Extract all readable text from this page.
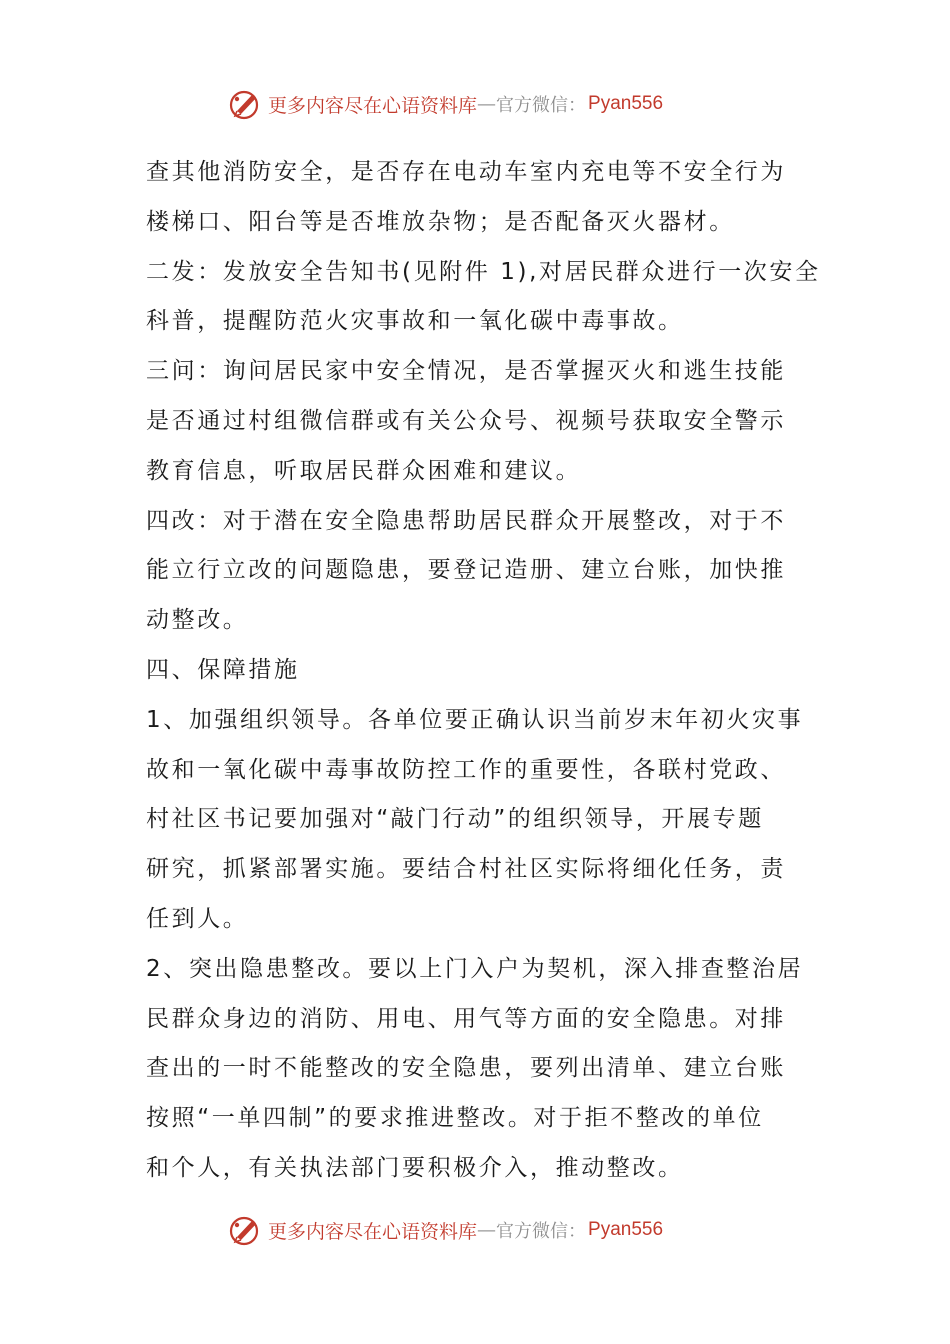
更多内容尽在心语资料库 — 官方微信： Pyan556

查其他消防安全，是否存在电动车室内充电等不安全行为

楼梯口、阳台等是否堆放杂物；是否配备灭火器材。

二发：发放安全告知书(见附件 1),对居民群众进行一次安全

科普，提醒防范火灾事故和一氧化碳中毒事故。

三问：询问居民家中安全情况，是否掌握灭火和逃生技能

是否通过村组微信群或有关公众号、视频号获取安全警示

教育信息，听取居民群众困难和建议。

四改：对于潜在安全隐患帮助居民群众开展整改，对于不

能立行立改的问题隐患，要登记造册、建立台账，加快推

动整改。

四、保障措施

1、加强组织领导。各单位要正确认识当前岁末年初火灾事

故和一氧化碳中毒事故防控工作的重要性，各联村党政、

村社区书记要加强对“敲门行动”的组织领导，开展专题

研究，抓紧部署实施。要结合村社区实际将细化任务，责

任到人。

2、突出隐患整改。要以上门入户为契机，深入排查整治居

民群众身边的消防、用电、用气等方面的安全隐患。对排

查出的一时不能整改的安全隐患，要列出清单、建立台账

按照“一单四制”的要求推进整改。对于拒不整改的单位

和个人，有关执法部门要积极介入，推动整改。

更多内容尽在心语资料库 — 官方微信： Pyan556
